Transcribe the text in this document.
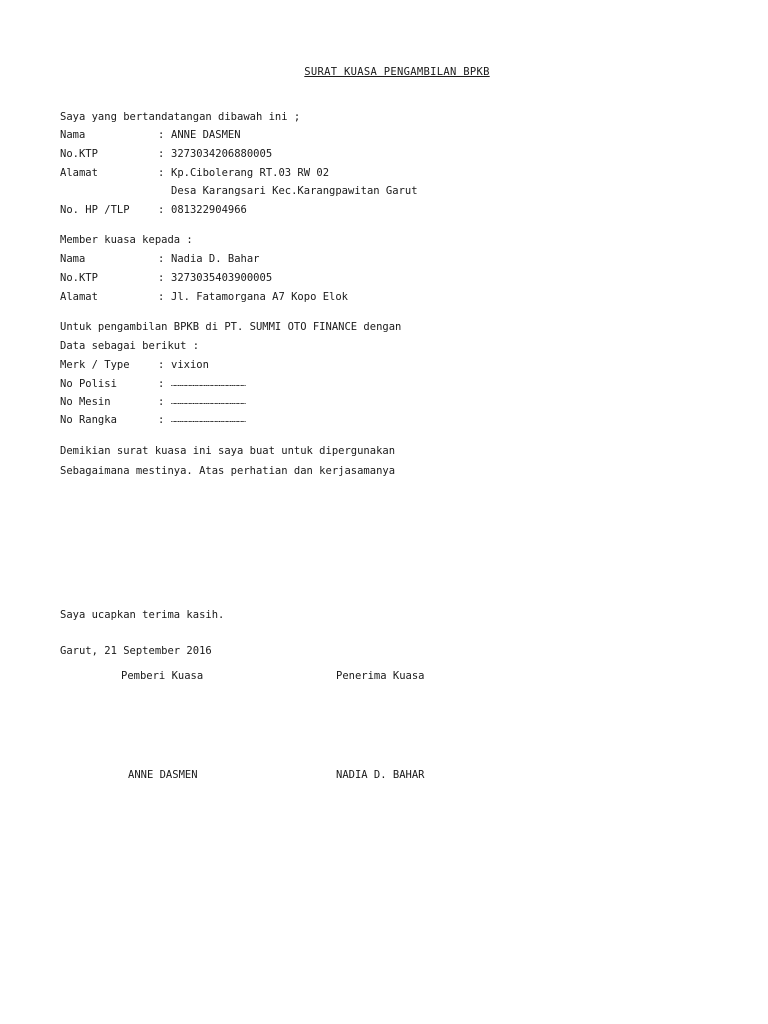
SURAT KUASA PENGAMBILAN BPKB
Saya yang bertandatangan dibawah ini ;
Nama	: ANNE DASMEN
No.KTP	: 3273034206880005
Alamat	: Kp.Cibolerang RT.03 RW 02
Desa Karangsari Kec.Karangpawitan Garut
No. HP /TLP	: 081322904966
Member kuasa kepada :
Nama	: Nadia D. Bahar
No.KTP	: 3273035403900005
Alamat	: Jl. Fatamorgana A7 Kopo Elok
Untuk pengambilan BPKB di PT. SUMMI OTO FINANCE dengan
Data sebagai berikut :
Merk / Type	: vixion
No Polisi	: ……………………………………………………
No Mesin	: ……………………………………………………
No Rangka	: ……………………………………………………
Demikian surat kuasa ini saya buat untuk dipergunakan
Sebagaimana mestinya. Atas perhatian dan kerjasamanya
Saya ucapkan terima kasih.
Garut, 21 September 2016
Pemberi Kuasa	Penerima Kuasa
ANNE DASMEN	NADIA D. BAHAR
